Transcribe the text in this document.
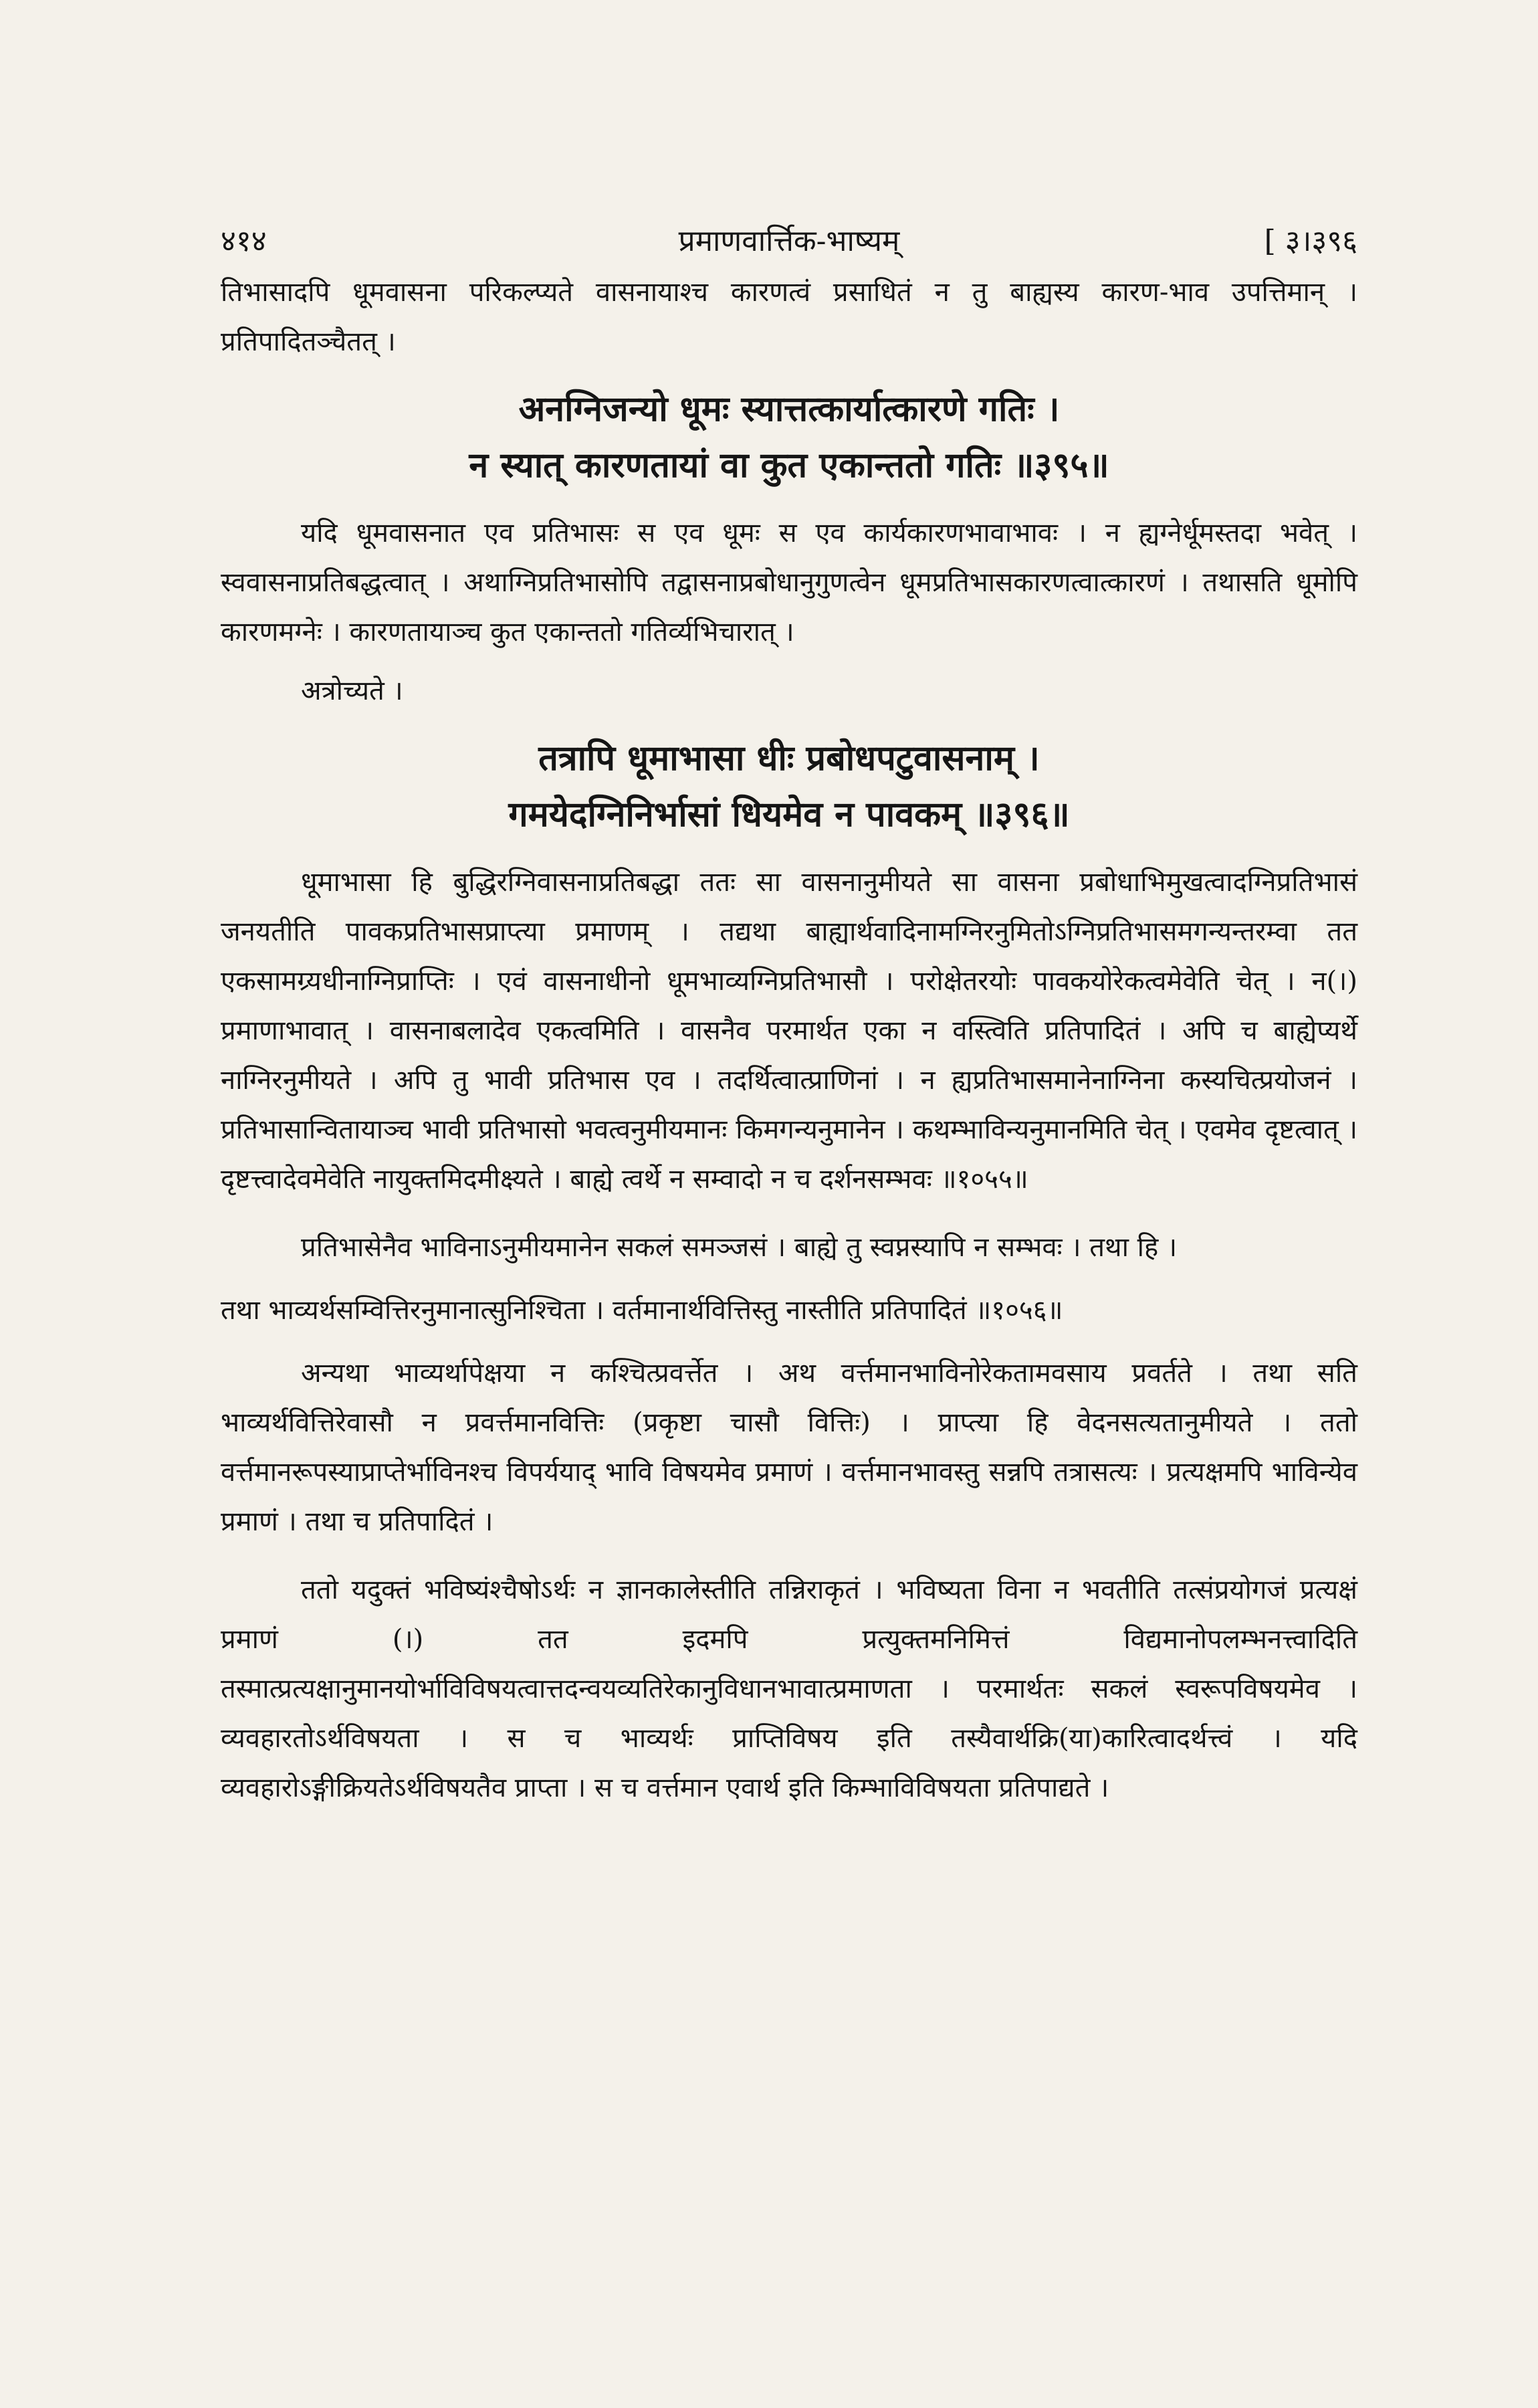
४१४	प्रमाणवार्त्तिक-भाष्यम्	[ ३।३९६

तिभासादपि धूमवासना परिकल्प्यते वासनायाश्च कारणत्वं प्रसाधितं न तु बाह्यस्य कारण-भाव उपत्तिमान् । प्रतिपादितञ्चैतत् ।

अनग्निजन्यो धूमः स्यात्तत्कार्यात्कारणे गतिः ।
न स्यात् कारणतायां वा कुत एकान्ततो गतिः ॥३९५॥

यदि धूमवासनात एव प्रतिभासः स एव धूमः स एव कार्यकारणभावाभावः । न ह्यग्नेर्धूमस्तदा भवेत् । स्ववासनाप्रतिबद्धत्वात् । अथाग्निप्रतिभासोपि तद्वासनाप्रबोधानुगुणत्वेन धूमप्रतिभासकारणत्वात्कारणं । तथासति धूमोपि कारणमग्नेः । कारणतायाञ्च कुत एकान्ततो गतिर्व्यभिचारात् ।

अत्रोच्यते ।
तत्रापि धूमाभासा धीः प्रबोधपटुवासनाम् ।
गमयेदग्निनिर्भासां धियमेव न पावकम् ॥३९६॥

धूमाभासा हि बुद्धिरग्निवासनाप्रतिबद्धा ततः सा वासनानुमीयते सा वासना प्रबोधाभिमुखत्वादग्निप्रतिभासं जनयतीति पावकप्रतिभासप्राप्त्या प्रमाणम् । तद्यथा बाह्यार्थवादिनामग्निरनुमितोऽग्निप्रतिभासमगन्यन्तरम्वा तत एकसामग्र्यधीनाग्निप्राप्तिः । एवं वासनाधीनो धूमभाव्यग्निप्रतिभासौ । परोक्षेतरयोः पावकयोरेकत्वमेवेति चेत् । न(।) प्रमाणाभावात् । वासनाबलादेव एकत्वमिति । वासनैव परमार्थत एका न वस्त्विति प्रतिपादितं । अपि च बाह्येप्यर्थे नाग्निरनुमीयते । अपि तु भावी प्रतिभास एव । तदर्थित्वात्प्राणिनां । न ह्यप्रतिभासमानेनाग्निना कस्यचित्प्रयोजनं । प्रतिभासान्वितायाञ्च भावी प्रतिभासो भवत्वनुमीयमानः किमगन्यनुमानेन । कथम्भाविन्यनुमानमिति चेत् । एवमेव दृष्टत्वात् । दृष्टत्त्वादेवमेवेति नायुक्तमिदमीक्ष्यते । बाह्ये त्वर्थे न सम्वादो न च दर्शनसम्भवः ॥१०५५॥

प्रतिभासेनैव भाविनाऽनुमीयमानेन सकलं समञ्जसं । बाह्ये तु स्वप्नस्यापि न सम्भवः । तथा हि ।

तथा भाव्यर्थसम्वित्तिरनुमानात्सुनिश्चिता । वर्तमानार्थवित्तिस्तु नास्तीति प्रतिपादितं ॥१०५६॥

अन्यथा भाव्यर्थापेक्षया न कश्चित्प्रवर्त्तेत । अथ वर्त्तमानभाविनोरेकतामवसाय प्रवर्तते । तथा सति भाव्यर्थवित्तिरेवासौ न प्रवर्त्तमानवित्तिः (प्रकृष्टा चासौ वित्तिः) । प्राप्त्या हि वेदनसत्यतानुमीयते । ततो वर्त्तमानरूपस्याप्राप्तेर्भाविनश्च विपर्ययाद् भावि विषयमेव प्रमाणं । वर्त्तमानभावस्तु सन्नपि तत्रासत्यः । प्रत्यक्षमपि भाविन्येव प्रमाणं । तथा च प्रतिपादितं ।

ततो यदुक्तं भविष्यंश्चैषोऽर्थः न ज्ञानकालेस्तीति तन्निराकृतं । भविष्यता विना न भवतीति तत्संप्रयोगजं प्रत्यक्षं प्रमाणं (।) तत इदमपि प्रत्युक्तमनिमित्तं विद्यमानोपलम्भनत्त्वादिति तस्मात्प्रत्यक्षानुमानयोर्भाविविषयत्वात्तदन्वयव्यतिरेकानुविधानभावात्प्रमाणता । परमार्थतः सकलं स्वरूपविषयमेव । व्यवहारतोऽर्थविषयता । स च भाव्यर्थः प्राप्तिविषय इति तस्यैवार्थक्रि(या)कारित्वादर्थत्त्वं । यदि व्यवहारोऽङ्गीक्रियतेऽर्थविषयतैव प्राप्ता । स च वर्त्तमान एवार्थ इति किम्भाविविषयता प्रतिपाद्यते ।
